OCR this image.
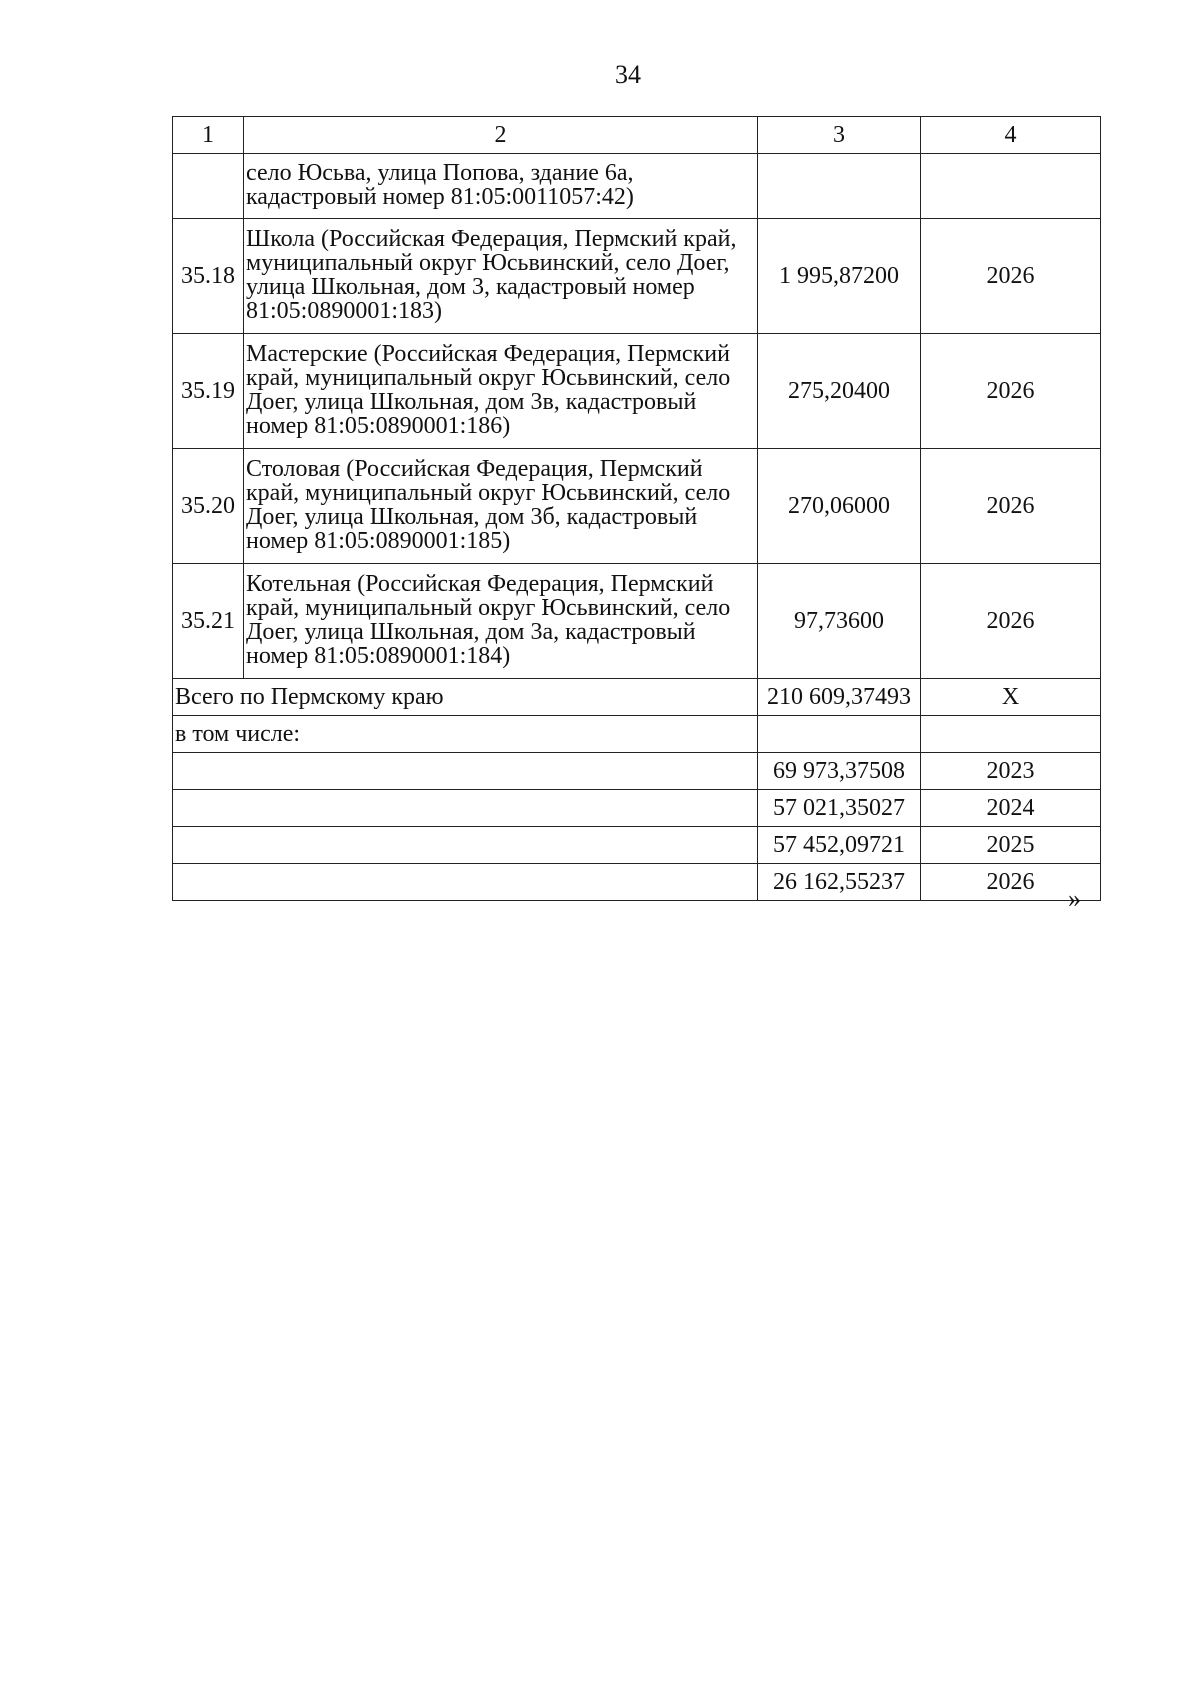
34
1	2	3	4
	село Юсьва, улица Попова, здание 6а, кадастровый номер 81:05:0011057:42)		
35.18	Школа (Российская Федерация, Пермский край, муниципальный округ Юсьвинский, село Доег, улица Школьная, дом 3, кадастровый номер 81:05:0890001:183)	1 995,87200	2026
35.19	Мастерские (Российская Федерация, Пермский край, муниципальный округ Юсьвинский, село Доег, улица Школьная, дом 3в, кадастровый номер 81:05:0890001:186)	275,20400	2026
35.20	Столовая (Российская Федерация, Пермский край, муниципальный округ Юсьвинский, село Доег, улица Школьная, дом 3б, кадастровый номер 81:05:0890001:185)	270,06000	2026
35.21	Котельная (Российская Федерация, Пермский край, муниципальный округ Юсьвинский, село Доег, улица Школьная, дом 3а, кадастровый номер 81:05:0890001:184)	97,73600	2026
Всего по Пермскому краю		210 609,37493	X
в том числе:			
		69 973,37508	2023
		57 021,35027	2024
		57 452,09721	2025
		26 162,55237	2026
»
